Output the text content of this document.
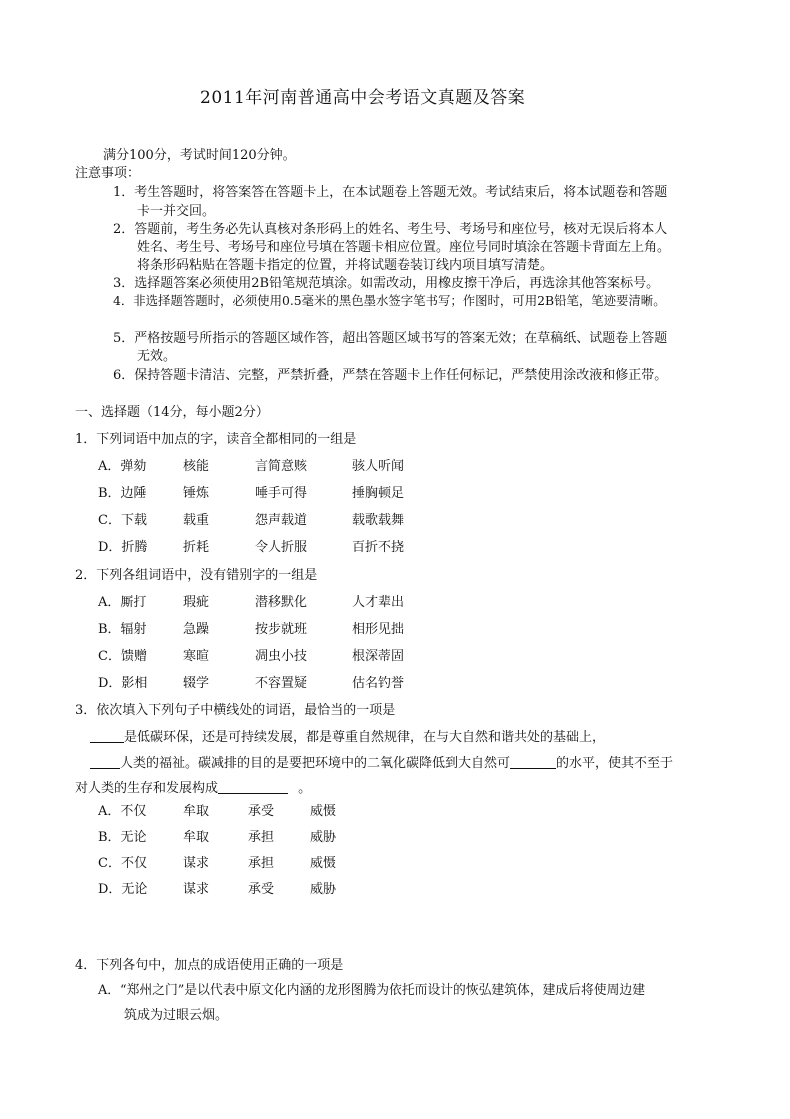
2011年河南普通高中会考语文真题及答案
满分100分，考试时间120分钟。
注意事项：
1．考生答题时，将答案答在答题卡上，在本试题卷上答题无效。考试结束后，将本试题卷和答题
卡一并交回。
2．答题前，考生务必先认真核对条形码上的姓名、考生号、考场号和座位号，核对无误后将本人
姓名、考生号、考场号和座位号填在答题卡相应位置。座位号同时填涂在答题卡背面左上角。
将条形码粘贴在答题卡指定的位置，并将试题卷装订线内项目填写清楚。
3．选择题答案必须使用2B铅笔规范填涂。如需改动，用橡皮擦干净后，再选涂其他答案标号。
4．非选择题答题时，必须使用0.5毫米的黑色墨水签字笔书写；作图时，可用2B铅笔，笔迹要清晰。
5．严格按题号所指示的答题区域作答，超出答题区域书写的答案无效；在草稿纸、试题卷上答题
无效。
6．保持答题卡清洁、完整，严禁折叠，严禁在答题卡上作任何标记，严禁使用涂改液和修正带。
一、选择题（14分，每小题2分）
1．下列词语中加点的字，读音全都相同的一组是
A．弹劾	核能	言简意赅	骇人听闻
B．边陲	锤炼	唾手可得	捶胸顿足
C．下载	载重	怨声载道	载歌载舞
D．折腾	折耗	令人折服	百折不挠
2．下列各组词语中，没有错别字的一组是
A．厮打	瑕疵	潜移默化	人才辈出
B．辐射	急躁	按步就班	相形见拙
C．馈赠	寒暄	凋虫小技	根深蒂固
D．影相	辍学	不容置疑	估名钓誉
3．依次填入下列句子中横线处的词语，最恰当的一项是
是低碳环保，还是可持续发展，都是尊重自然规律，在与大自然和谐共处的基础上，
人类的福祉。碳减排的目的是要把环境中的二氧化碳降低到大自然可	的水平，使其不至于
对人类的生存和发展构成	。
A．不仅	牟取	承受	威慑
B．无论	牟取	承担	威胁
C．不仅	谋求	承担	威慑
D．无论	谋求	承受	威胁
4．下列各句中，加点的成语使用正确的一项是
A．“郑州之门”是以代表中原文化内涵的龙形图腾为依托而设计的恢弘建筑体，建成后将使周边建
筑成为过眼云烟。
